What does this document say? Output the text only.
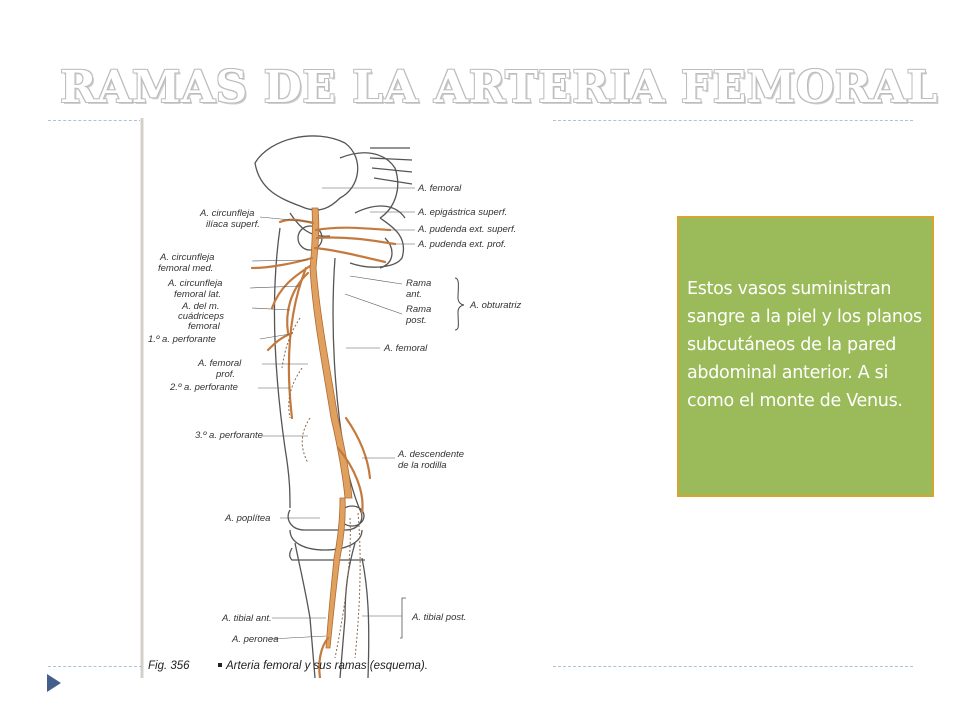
RAMAS DE LA ARTERIA FEMORAL
A. circunfleja
ilíaca superf.
A. circunfleja
femoral med.
A. circunfleja
femoral lat.
A. del m.
cuádriceps
femoral
1.º a. perforante
A. femoral
prof.
2.º a. perforante
3.º a. perforante
A. poplítea
A. tibial ant.
A. peronea
A. femoral
A. epigástrica superf.
A. pudenda ext. superf.
A. pudenda ext. prof.
Rama
ant.
Rama
post.
A. obturatriz
A. femoral
A. descendente
de la rodilla
A. tibial post.
Fig. 356	Arteria femoral y sus ramas (esquema).

Estos vasos suministran sangre a la piel y los planos subcutáneos de la pared abdominal anterior. A si como el monte de Venus.
